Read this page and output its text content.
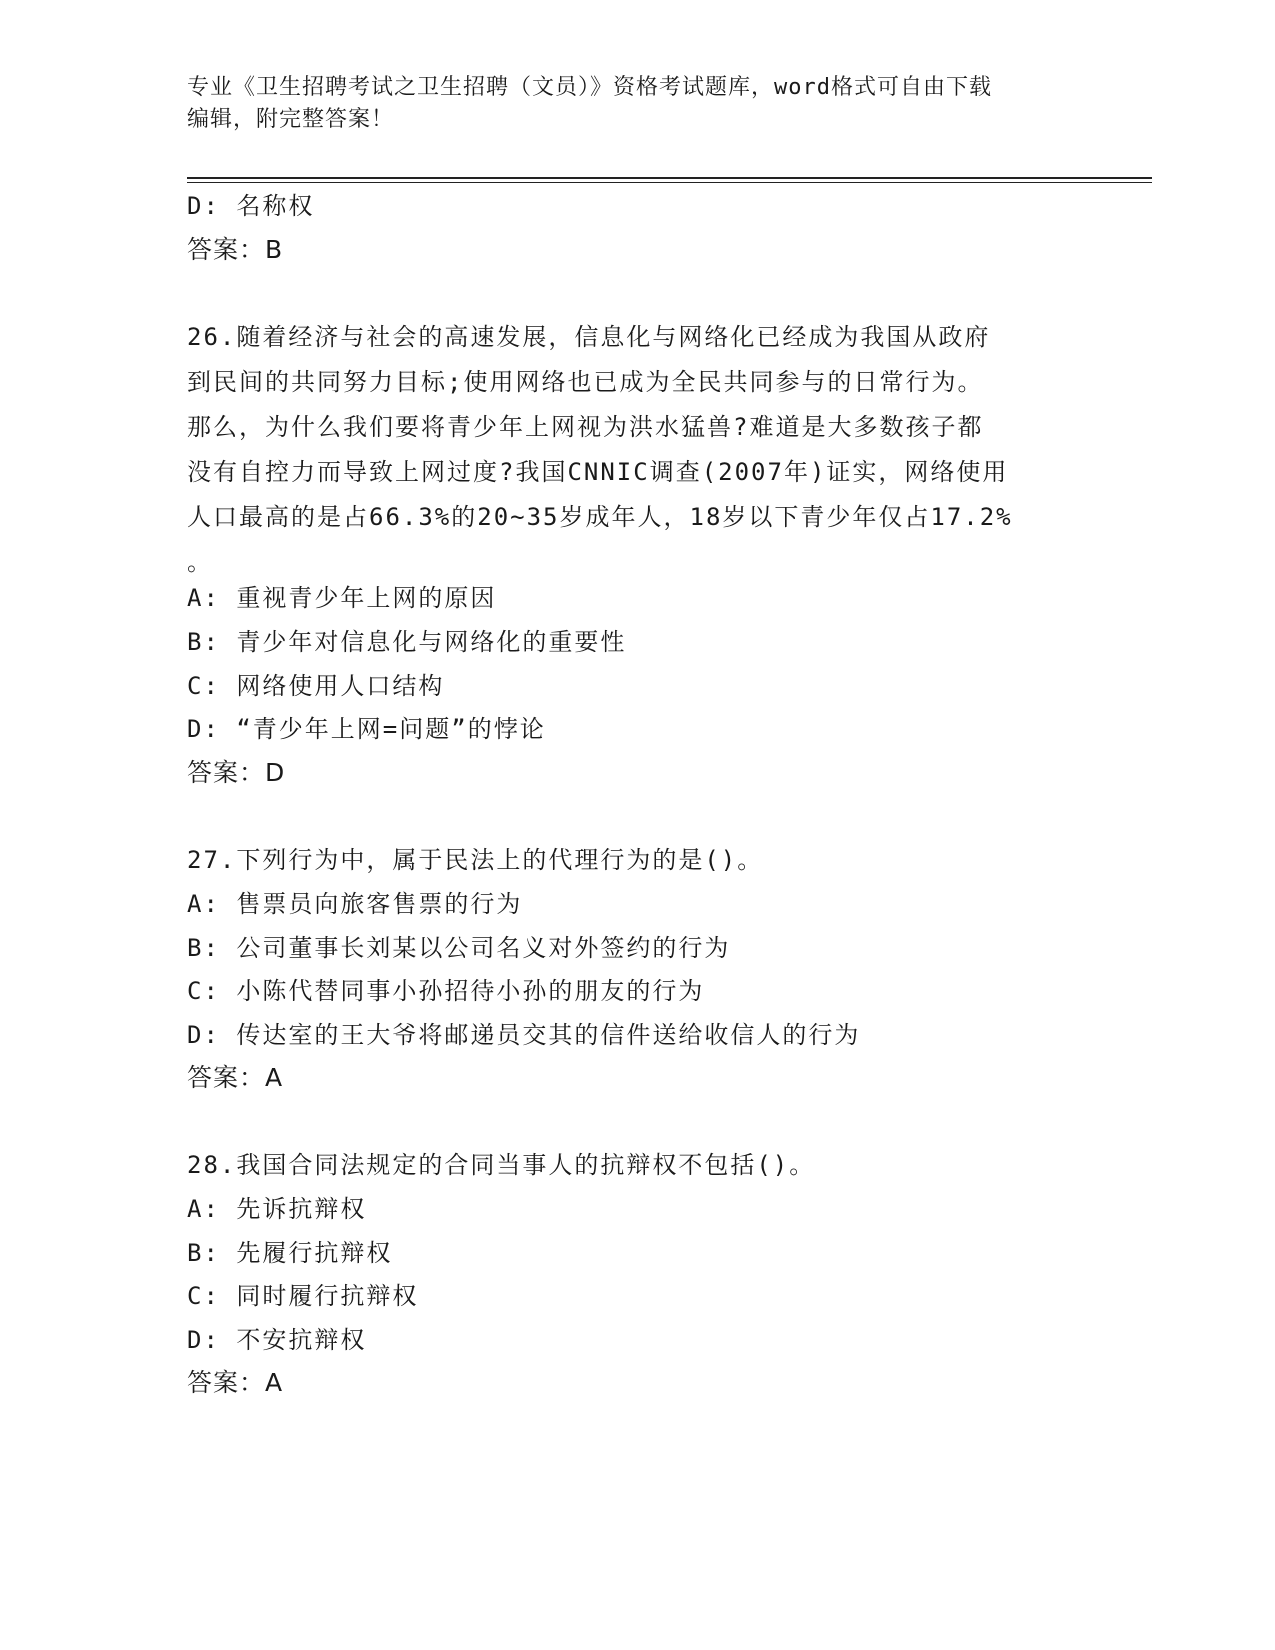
专业《卫生招聘考试之卫生招聘（文员）》资格考试题库，word格式可自由下载
编辑，附完整答案！
D: 名称权
答案：B
26.随着经济与社会的高速发展，信息化与网络化已经成为我国从政府
到民间的共同努力目标;使用网络也已成为全民共同参与的日常行为。
那么，为什么我们要将青少年上网视为洪水猛兽?难道是大多数孩子都
没有自控力而导致上网过度?我国CNNIC调查(2007年)证实，网络使用
人口最高的是占66.3%的20~35岁成年人，18岁以下青少年仅占17.2%
。
A: 重视青少年上网的原因
B: 青少年对信息化与网络化的重要性
C: 网络使用人口结构
D: “青少年上网=问题”的悖论
答案：D
27.下列行为中，属于民法上的代理行为的是()。
A: 售票员向旅客售票的行为
B: 公司董事长刘某以公司名义对外签约的行为
C: 小陈代替同事小孙招待小孙的朋友的行为
D: 传达室的王大爷将邮递员交其的信件送给收信人的行为
答案：A
28.我国合同法规定的合同当事人的抗辩权不包括()。
A: 先诉抗辩权
B: 先履行抗辩权
C: 同时履行抗辩权
D: 不安抗辩权
答案：A
